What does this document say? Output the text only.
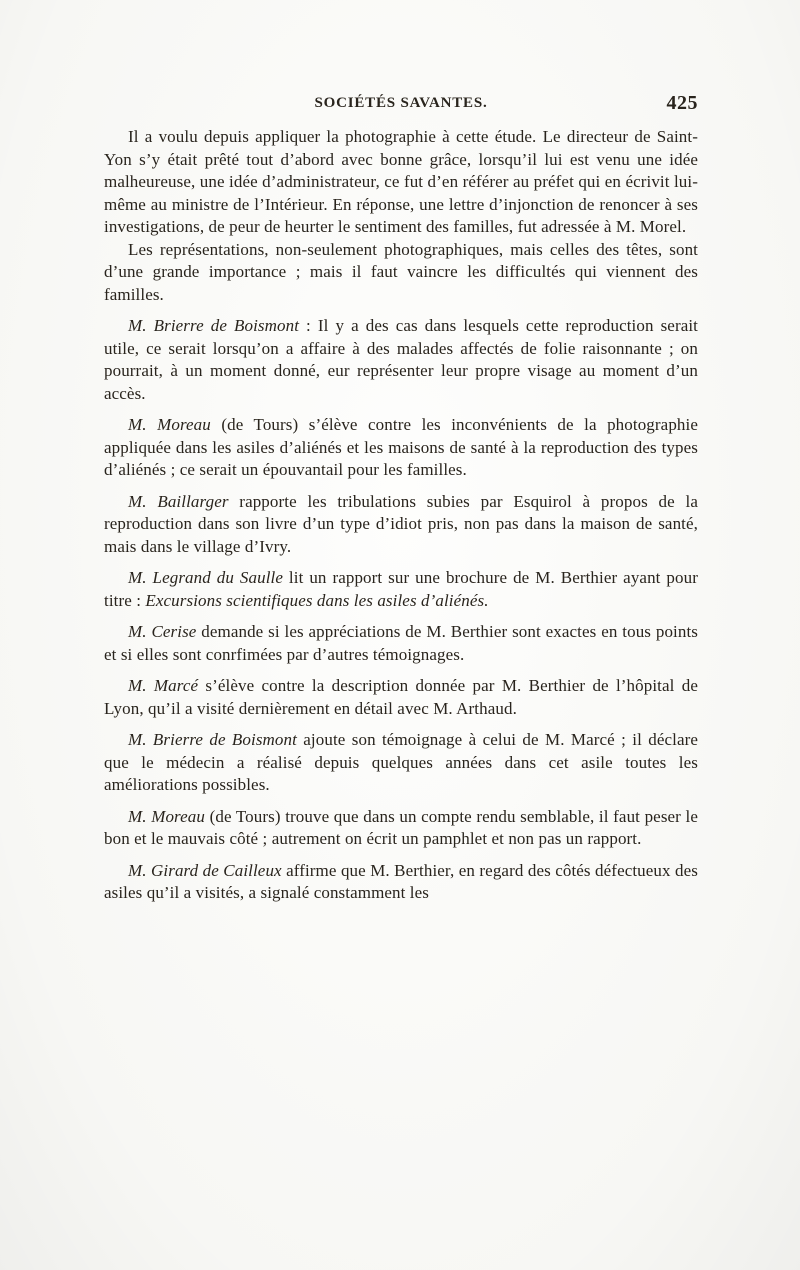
SOCIÉTÉS SAVANTES.	425

Il a voulu depuis appliquer la photographie à cette étude. Le directeur de Saint-Yon s’y était prêté tout d’abord avec bonne grâce, lorsqu’il lui est venu une idée malheureuse, une idée d’administrateur, ce fut d’en référer au préfet qui en écrivit lui-même au ministre de l’Intérieur. En réponse, une lettre d’injonction de renoncer à ses investigations, de peur de heurter le sentiment des familles, fut adressée à M. Morel.

Les représentations, non-seulement photographiques, mais celles des têtes, sont d’une grande importance ; mais il faut vaincre les difficultés qui viennent des familles.

M. Brierre de Boismont : Il y a des cas dans lesquels cette reproduction serait utile, ce serait lorsqu’on a affaire à des malades affectés de folie raisonnante ; on pourrait, à un moment donné, eur représenter leur propre visage au moment d’un accès.

M. Moreau (de Tours) s’élève contre les inconvénients de la photographie appliquée dans les asiles d’aliénés et les maisons de santé à la reproduction des types d’aliénés ; ce serait un épouvantail pour les familles.

M. Baillarger rapporte les tribulations subies par Esquirol à propos de la reproduction dans son livre d’un type d’idiot pris, non pas dans la maison de santé, mais dans le village d’Ivry.

M. Legrand du Saulle lit un rapport sur une brochure de M. Berthier ayant pour titre : Excursions scientifiques dans les asiles d’aliénés.

M. Cerise demande si les appréciations de M. Berthier sont exactes en tous points et si elles sont conrfimées par d’autres témoignages.

M. Marcé s’élève contre la description donnée par M. Berthier de l’hôpital de Lyon, qu’il a visité dernièrement en détail avec M. Arthaud.

M. Brierre de Boismont ajoute son témoignage à celui de M. Marcé ; il déclare que le médecin a réalisé depuis quelques années dans cet asile toutes les améliorations possibles.

M. Moreau (de Tours) trouve que dans un compte rendu semblable, il faut peser le bon et le mauvais côté ; autrement on écrit un pamphlet et non pas un rapport.

M. Girard de Cailleux affirme que M. Berthier, en regard des côtés défectueux des asiles qu’il a visités, a signalé constamment les
